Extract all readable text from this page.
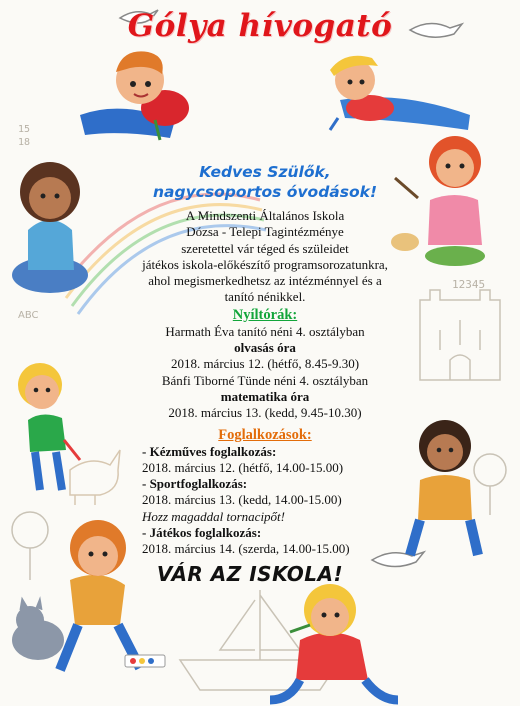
12345
15
18
ABC
Gólya hívogató
Kedves Szülők,
nagycsoportos óvodások!
A Mindszenti Általános Iskola
Dózsa - Telepi Tagintézménye
szeretettel vár téged és szüleidet
játékos iskola-előkészítő programsorozatunkra,
ahol megismerkedhetsz az intézménnyel és a
tanító nénikkel.
Nyíltórák:
Harmath Éva tanító néni 4. osztályban
olvasás óra
2018. március 12. (hétfő, 8.45-9.30)
Bánfi Tiborné Tünde néni 4. osztályban
matematika óra
2018. március 13. (kedd, 9.45-10.30)
Foglalkozások:
- Kézműves foglalkozás:
2018. március 12. (hétfő, 14.00-15.00)
- Sportfoglalkozás:
2018. március 13. (kedd, 14.00-15.00)
Hozz magaddal tornacipőt!
- Játékos foglalkozás:
2018. március 14. (szerda, 14.00-15.00)
VÁR AZ ISKOLA!
